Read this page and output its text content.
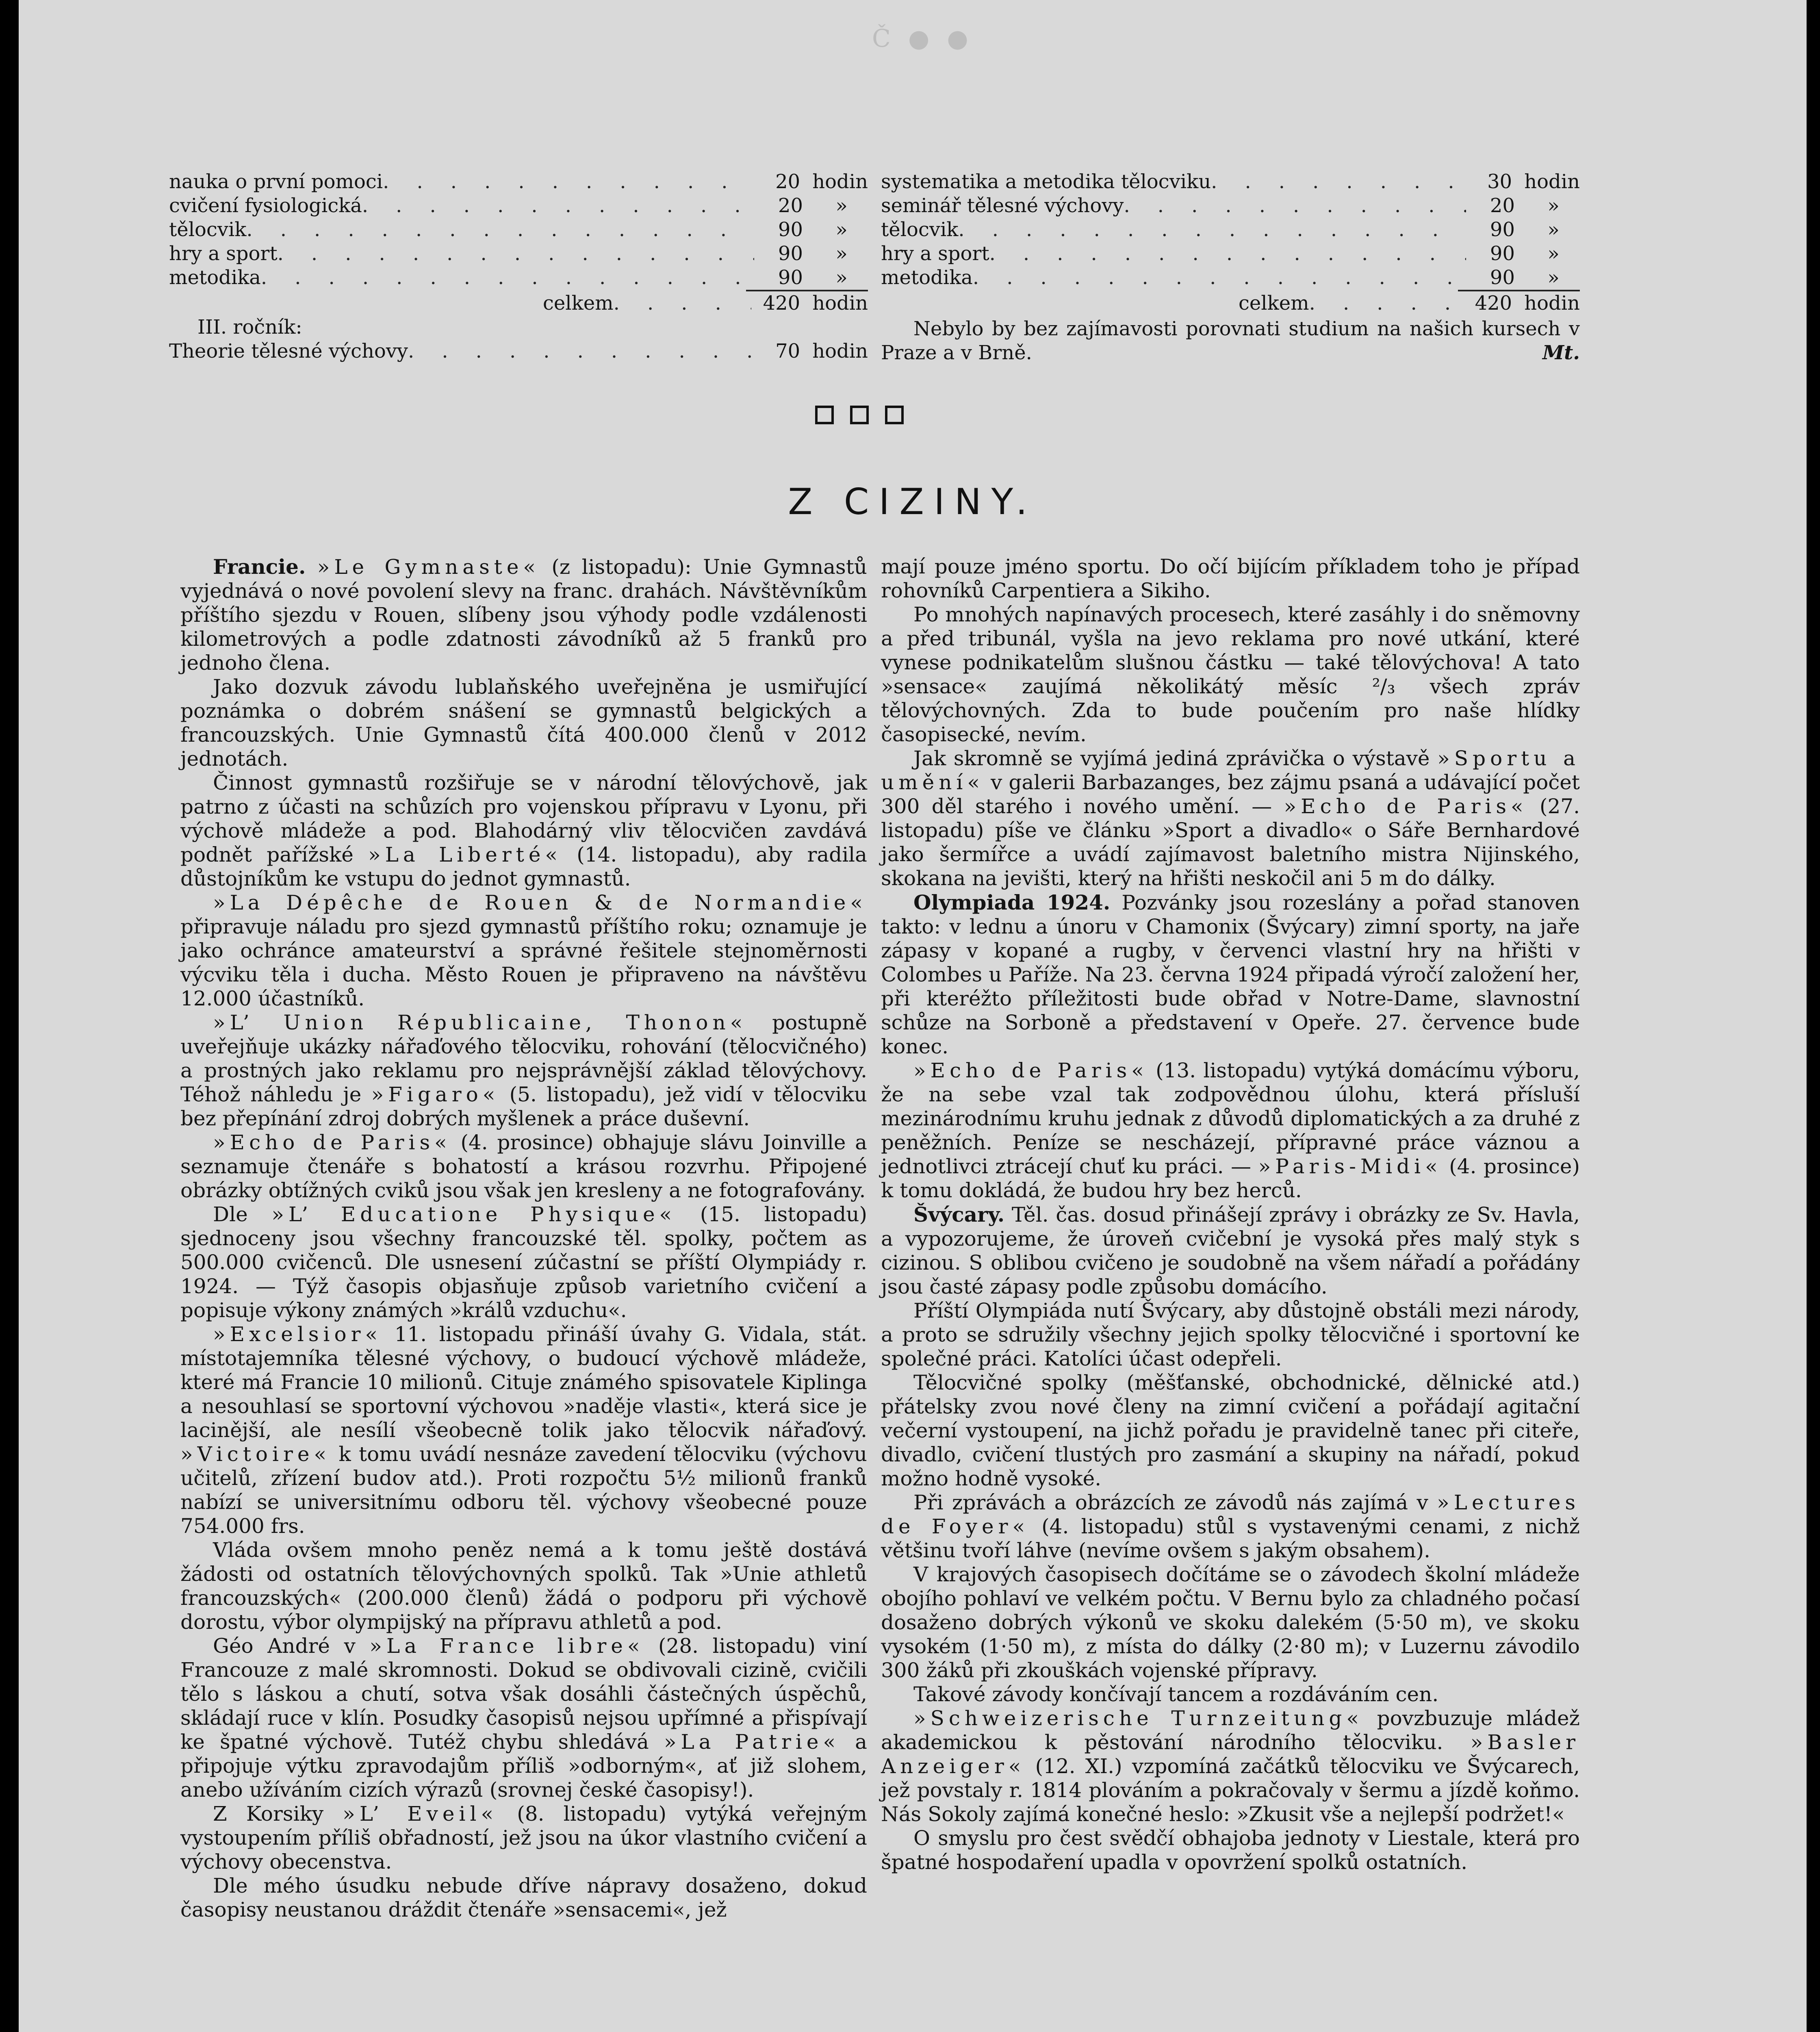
Č ● ●
nauka o první pomoci . . .	20 hodin
cvičení fysiologická . . .	20	»
tělocvik . . .	90	»
hry a sport . . .	90	»
metodika . . .	90	»
celkem . . .	420 hodin
III. ročník:
Theorie tělesné výchovy . . .	70 hodin
systematika a metodika tělocviku . . .	30 hodin
seminář tělesné výchovy . . .	20	»
tělocvik . . .	90	»
hry a sport . . .	90	»
metodika . . .	90	»
celkem . . .	420 hodin
Nebylo by bez zajímavosti porovnati studium na našich kursech v Praze a v Brně.	Mt.
Z CIZINY.

Francie. »Le Gymnaste« (z listopadu): Unie Gymnastů vyjednává o nové povolení slevy na franc. drahách. Návštěvníkům příštího sjezdu v Rouen, slíbeny jsou výhody podle vzdálenosti kilometrových a podle zdatnosti závodníků až 5 franků pro jednoho člena.

Jako dozvuk závodu lublaňského uveřejněna je usmiřující poznámka o dobrém snášení se gymnastů belgických a francouzských. Unie Gymnastů čítá 400.000 členů v 2012 jednotách.

Činnost gymnastů rozšiřuje se v národní tělovýchově, jak patrno z účasti na schůzích pro vojenskou přípravu v Lyonu, při výchově mládeže a pod. Blahodárný vliv tělocvičen zavdává podnět pařížské »La Liberté« (14. listopadu), aby radila důstojníkům ke vstupu do jednot gymnastů.

»La Dépêche de Rouen & de Normandie« připravuje náladu pro sjezd gymnastů příštího roku; oznamuje je jako ochránce amateurství a správné řešitele stejnoměrnosti výcviku těla i ducha. Město Rouen je připraveno na návštěvu 12.000 účastníků.

»L’ Union Républicaine, Thonon« postupně uveřejňuje ukázky nářaďového tělocviku, rohování (tělocvičného) a prostných jako reklamu pro nejsprávnější základ tělovýchovy. Téhož náhledu je »Figaro« (5. listopadu), jež vidí v tělocviku bez přepínání zdroj dobrých myšlenek a práce duševní.

»Echo de Paris« (4. prosince) obhajuje slávu Joinville a seznamuje čtenáře s bohatostí a krásou rozvrhu. Připojené obrázky obtížných cviků jsou však jen kresleny a ne fotografovány.

Dle »L’ Educatione Physique« (15. listopadu) sjednoceny jsou všechny francouzské těl. spolky, počtem as 500.000 cvičenců. Dle usnesení zúčastní se příští Olympiády r. 1924. — Týž časopis objasňuje způsob varietního cvičení a popisuje výkony známých »králů vzduchu«.

»Excelsior« 11. listopadu přináší úvahy G. Vidala, stát. místotajemníka tělesné výchovy, o budoucí výchově mládeže, které má Francie 10 milionů. Cituje známého spisovatele Kiplinga a nesouhlasí se sportovní výchovou »naděje vlasti«, která sice je lacinější, ale nesílí všeobecně tolik jako tělocvik nářaďový. »Victoire« k tomu uvádí nesnáze zavedení tělocviku (výchovu učitelů, zřízení budov atd.). Proti rozpočtu 5½ milionů franků nabízí se universitnímu odboru těl. výchovy všeobecné pouze 754.000 frs.

Vláda ovšem mnoho peněz nemá a k tomu ještě dostává žádosti od ostatních tělovýchovných spolků. Tak »Unie athletů francouzských« (200.000 členů) žádá o podporu při výchově dorostu, výbor olympijský na přípravu athletů a pod.

Géo André v »La France libre« (28. listopadu) viní Francouze z malé skromnosti. Dokud se obdivovali cizině, cvičili tělo s láskou a chutí, sotva však dosáhli částečných úspěchů, skládají ruce v klín. Posudky časopisů nejsou upřímné a přispívají ke špatné výchově. Tutéž chybu shledává »La Patrie« a připojuje výtku zpravodajům příliš »odborným«, ať již slohem, anebo užíváním cizích výrazů (srovnej české časopisy!).

Z Korsiky »L’ Eveil« (8. listopadu) vytýká veřejným vystoupením příliš obřadností, jež jsou na úkor vlastního cvičení a výchovy obecenstva.

Dle mého úsudku nebude dříve nápravy dosaženo, dokud časopisy neustanou dráždit čtenáře »sensacemi«, jež

mají pouze jméno sportu. Do očí bijícím příkladem toho je případ rohovníků Carpentiera a Sikiho.

Po mnohých napínavých procesech, které zasáhly i do sněmovny a před tribunál, vyšla na jevo reklama pro nové utkání, které vynese podnikatelům slušnou částku — také tělovýchova! A tato »sensace« zaujímá několikátý měsíc ²/₃ všech zpráv tělovýchovných. Zda to bude poučením pro naše hlídky časopisecké, nevím.

Jak skromně se vyjímá jediná zprávička o výstavě »Sportu a umění« v galerii Barbazanges, bez zájmu psaná a udávající počet 300 děl starého i nového umění. — »Echo de Paris« (27. listopadu) píše ve článku »Sport a divadlo« o Sáře Bernhardové jako šermířce a uvádí zajímavost baletního mistra Nijinského, skokana na jevišti, který na hřišti neskočil ani 5 m do dálky.

Olympiada 1924. Pozvánky jsou rozeslány a pořad stanoven takto: v lednu a únoru v Chamonix (Švýcary) zimní sporty, na jaře zápasy v kopané a rugby, v červenci vlastní hry na hřišti v Colombes u Paříže. Na 23. června 1924 připadá výročí založení her, při kteréžto příležitosti bude obřad v Notre-Dame, slavnostní schůze na Sorboně a představení v Opeře. 27. července bude konec.

»Echo de Paris« (13. listopadu) vytýká domácímu výboru, že na sebe vzal tak zodpovědnou úlohu, která přísluší mezinárodnímu kruhu jednak z důvodů diplomatických a za druhé z peněžních. Peníze se nescházejí, přípravné práce váznou a jednotlivci ztrácejí chuť ku práci. — »Paris-Midi« (4. prosince) k tomu dokládá, že budou hry bez herců.

Švýcary. Těl. čas. dosud přinášejí zprávy i obrázky ze Sv. Havla, a vypozorujeme, že úroveň cvičební je vysoká přes malý styk s cizinou. S oblibou cvičeno je soudobně na všem nářadí a pořádány jsou časté zápasy podle způsobu domácího.

Příští Olympiáda nutí Švýcary, aby důstojně obstáli mezi národy, a proto se sdružily všechny jejich spolky tělocvičné i sportovní ke společné práci. Katolíci účast odepřeli.

Tělocvičné spolky (měšťanské, obchodnické, dělnické atd.) přátelsky zvou nové členy na zimní cvičení a pořádají agitační večerní vystoupení, na jichž pořadu je pravidelně tanec při citeře, divadlo, cvičení tlustých pro zasmání a skupiny na nářadí, pokud možno hodně vysoké.

Při zprávách a obrázcích ze závodů nás zajímá v »Lectures de Foyer« (4. listopadu) stůl s vystavenými cenami, z nichž většinu tvoří láhve (nevíme ovšem s jakým obsahem).

V krajových časopisech dočítáme se o závodech školní mládeže obojího pohlaví ve velkém počtu. V Bernu bylo za chladného počasí dosaženo dobrých výkonů ve skoku dalekém (5·50 m), ve skoku vysokém (1·50 m), z místa do dálky (2·80 m); v Luzernu závodilo 300 žáků při zkouškách vojenské přípravy.

Takové závody končívají tancem a rozdáváním cen.

»Schweizerische Turnzeitung« povzbuzuje mládež akademickou k pěstování národního tělocviku. »Basler Anzeiger« (12. XI.) vzpomíná začátků tělocviku ve Švýcarech, jež povstaly r. 1814 plováním a pokračovaly v šermu a jízdě koňmo. Nás Sokoly zajímá konečné heslo: »Zkusit vše a nejlepší podržet!«

O smyslu pro čest svědčí obhajoba jednoty v Liestale, která pro špatné hospodaření upadla v opovržení spolků ostatních.
